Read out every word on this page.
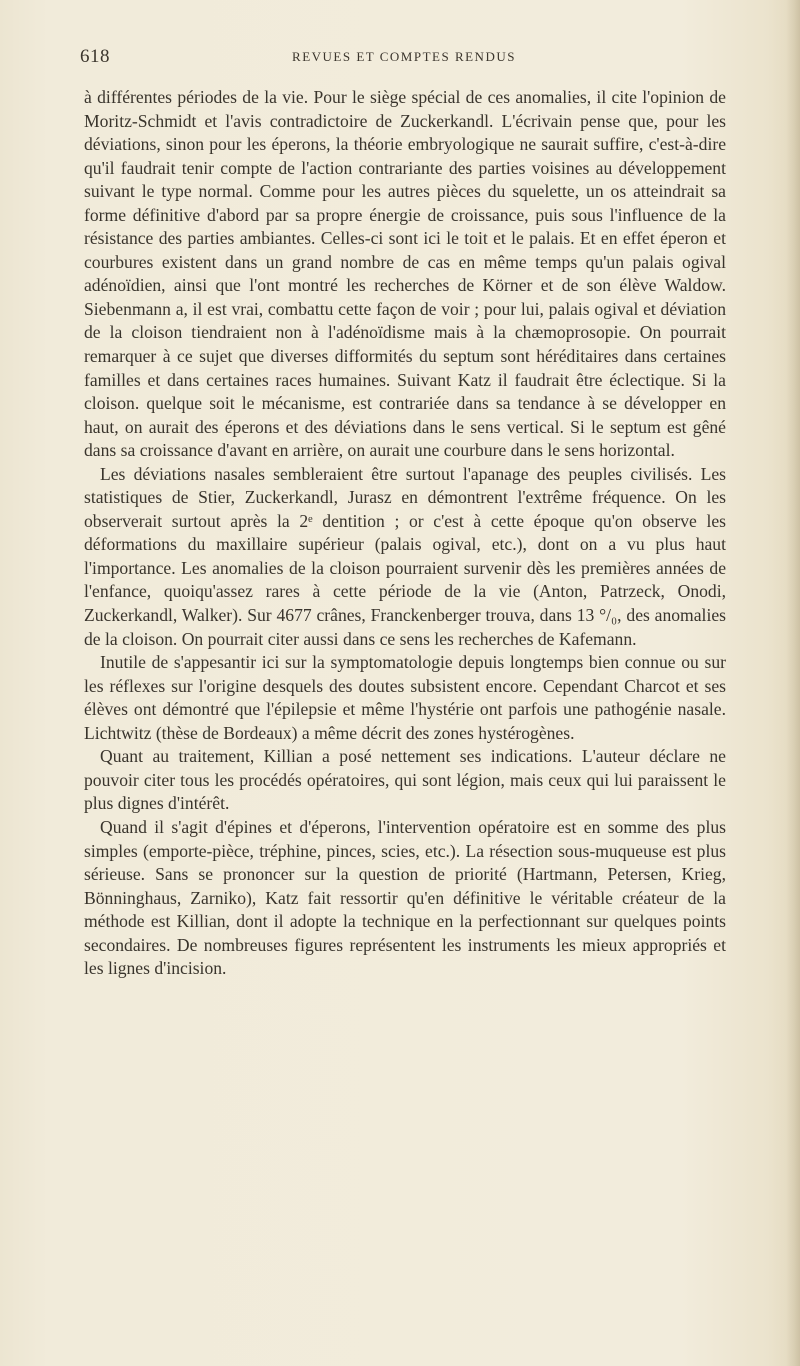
618	REVUES ET COMPTES RENDUS

à différentes périodes de la vie. Pour le siège spécial de ces anomalies, il cite l'opinion de Moritz-Schmidt et l'avis contradictoire de Zuckerkandl. L'écrivain pense que, pour les déviations, sinon pour les éperons, la théorie embryologique ne saurait suffire, c'est-à-dire qu'il faudrait tenir compte de l'action contrariante des parties voisines au développement suivant le type normal. Comme pour les autres pièces du squelette, un os atteindrait sa forme définitive d'abord par sa propre énergie de croissance, puis sous l'influence de la résistance des parties ambiantes. Celles-ci sont ici le toit et le palais. Et en effet éperon et courbures existent dans un grand nombre de cas en même temps qu'un palais ogival adénoïdien, ainsi que l'ont montré les recherches de Körner et de son élève Waldow. Siebenmann a, il est vrai, combattu cette façon de voir ; pour lui, palais ogival et déviation de la cloison tiendraient non à l'adénoïdisme mais à la chæmoprosopie. On pourrait remarquer à ce sujet que diverses difformités du septum sont héréditaires dans certaines familles et dans certaines races humaines. Suivant Katz il faudrait être éclectique. Si la cloison. quelque soit le mécanisme, est contrariée dans sa tendance à se développer en haut, on aurait des éperons et des déviations dans le sens vertical. Si le septum est gêné dans sa croissance d'avant en arrière, on aurait une courbure dans le sens horizontal.

Les déviations nasales sembleraient être surtout l'apanage des peuples civilisés. Les statistiques de Stier, Zuckerkandl, Jurasz en démontrent l'extrême fréquence. On les observerait surtout après la 2ᵉ dentition ; or c'est à cette époque qu'on observe les déformations du maxillaire supérieur (palais ogival, etc.), dont on a vu plus haut l'importance. Les anomalies de la cloison pourraient survenir dès les premières années de l'enfance, quoiqu'assez rares à cette période de la vie (Anton, Patrzeck, Onodi, Zuckerkandl, Walker). Sur 4677 crânes, Franckenberger trouva, dans 13 °/₀, des anomalies de la cloison. On pourrait citer aussi dans ce sens les recherches de Kafemann.

Inutile de s'appesantir ici sur la symptomatologie depuis longtemps bien connue ou sur les réflexes sur l'origine desquels des doutes subsistent encore. Cependant Charcot et ses élèves ont démontré que l'épilepsie et même l'hystérie ont parfois une pathogénie nasale. Lichtwitz (thèse de Bordeaux) a même décrit des zones hystérogènes.

Quant au traitement, Killian a posé nettement ses indications. L'auteur déclare ne pouvoir citer tous les procédés opératoires, qui sont légion, mais ceux qui lui paraissent le plus dignes d'intérêt.

Quand il s'agit d'épines et d'éperons, l'intervention opératoire est en somme des plus simples (emporte-pièce, tréphine, pinces, scies, etc.). La résection sous-muqueuse est plus sérieuse. Sans se prononcer sur la question de priorité (Hartmann, Petersen, Krieg, Bönninghaus, Zarniko), Katz fait ressortir qu'en définitive le véritable créateur de la méthode est Killian, dont il adopte la technique en la perfectionnant sur quelques points secondaires. De nombreuses figures représentent les instruments les mieux appropriés et les lignes d'incision.
